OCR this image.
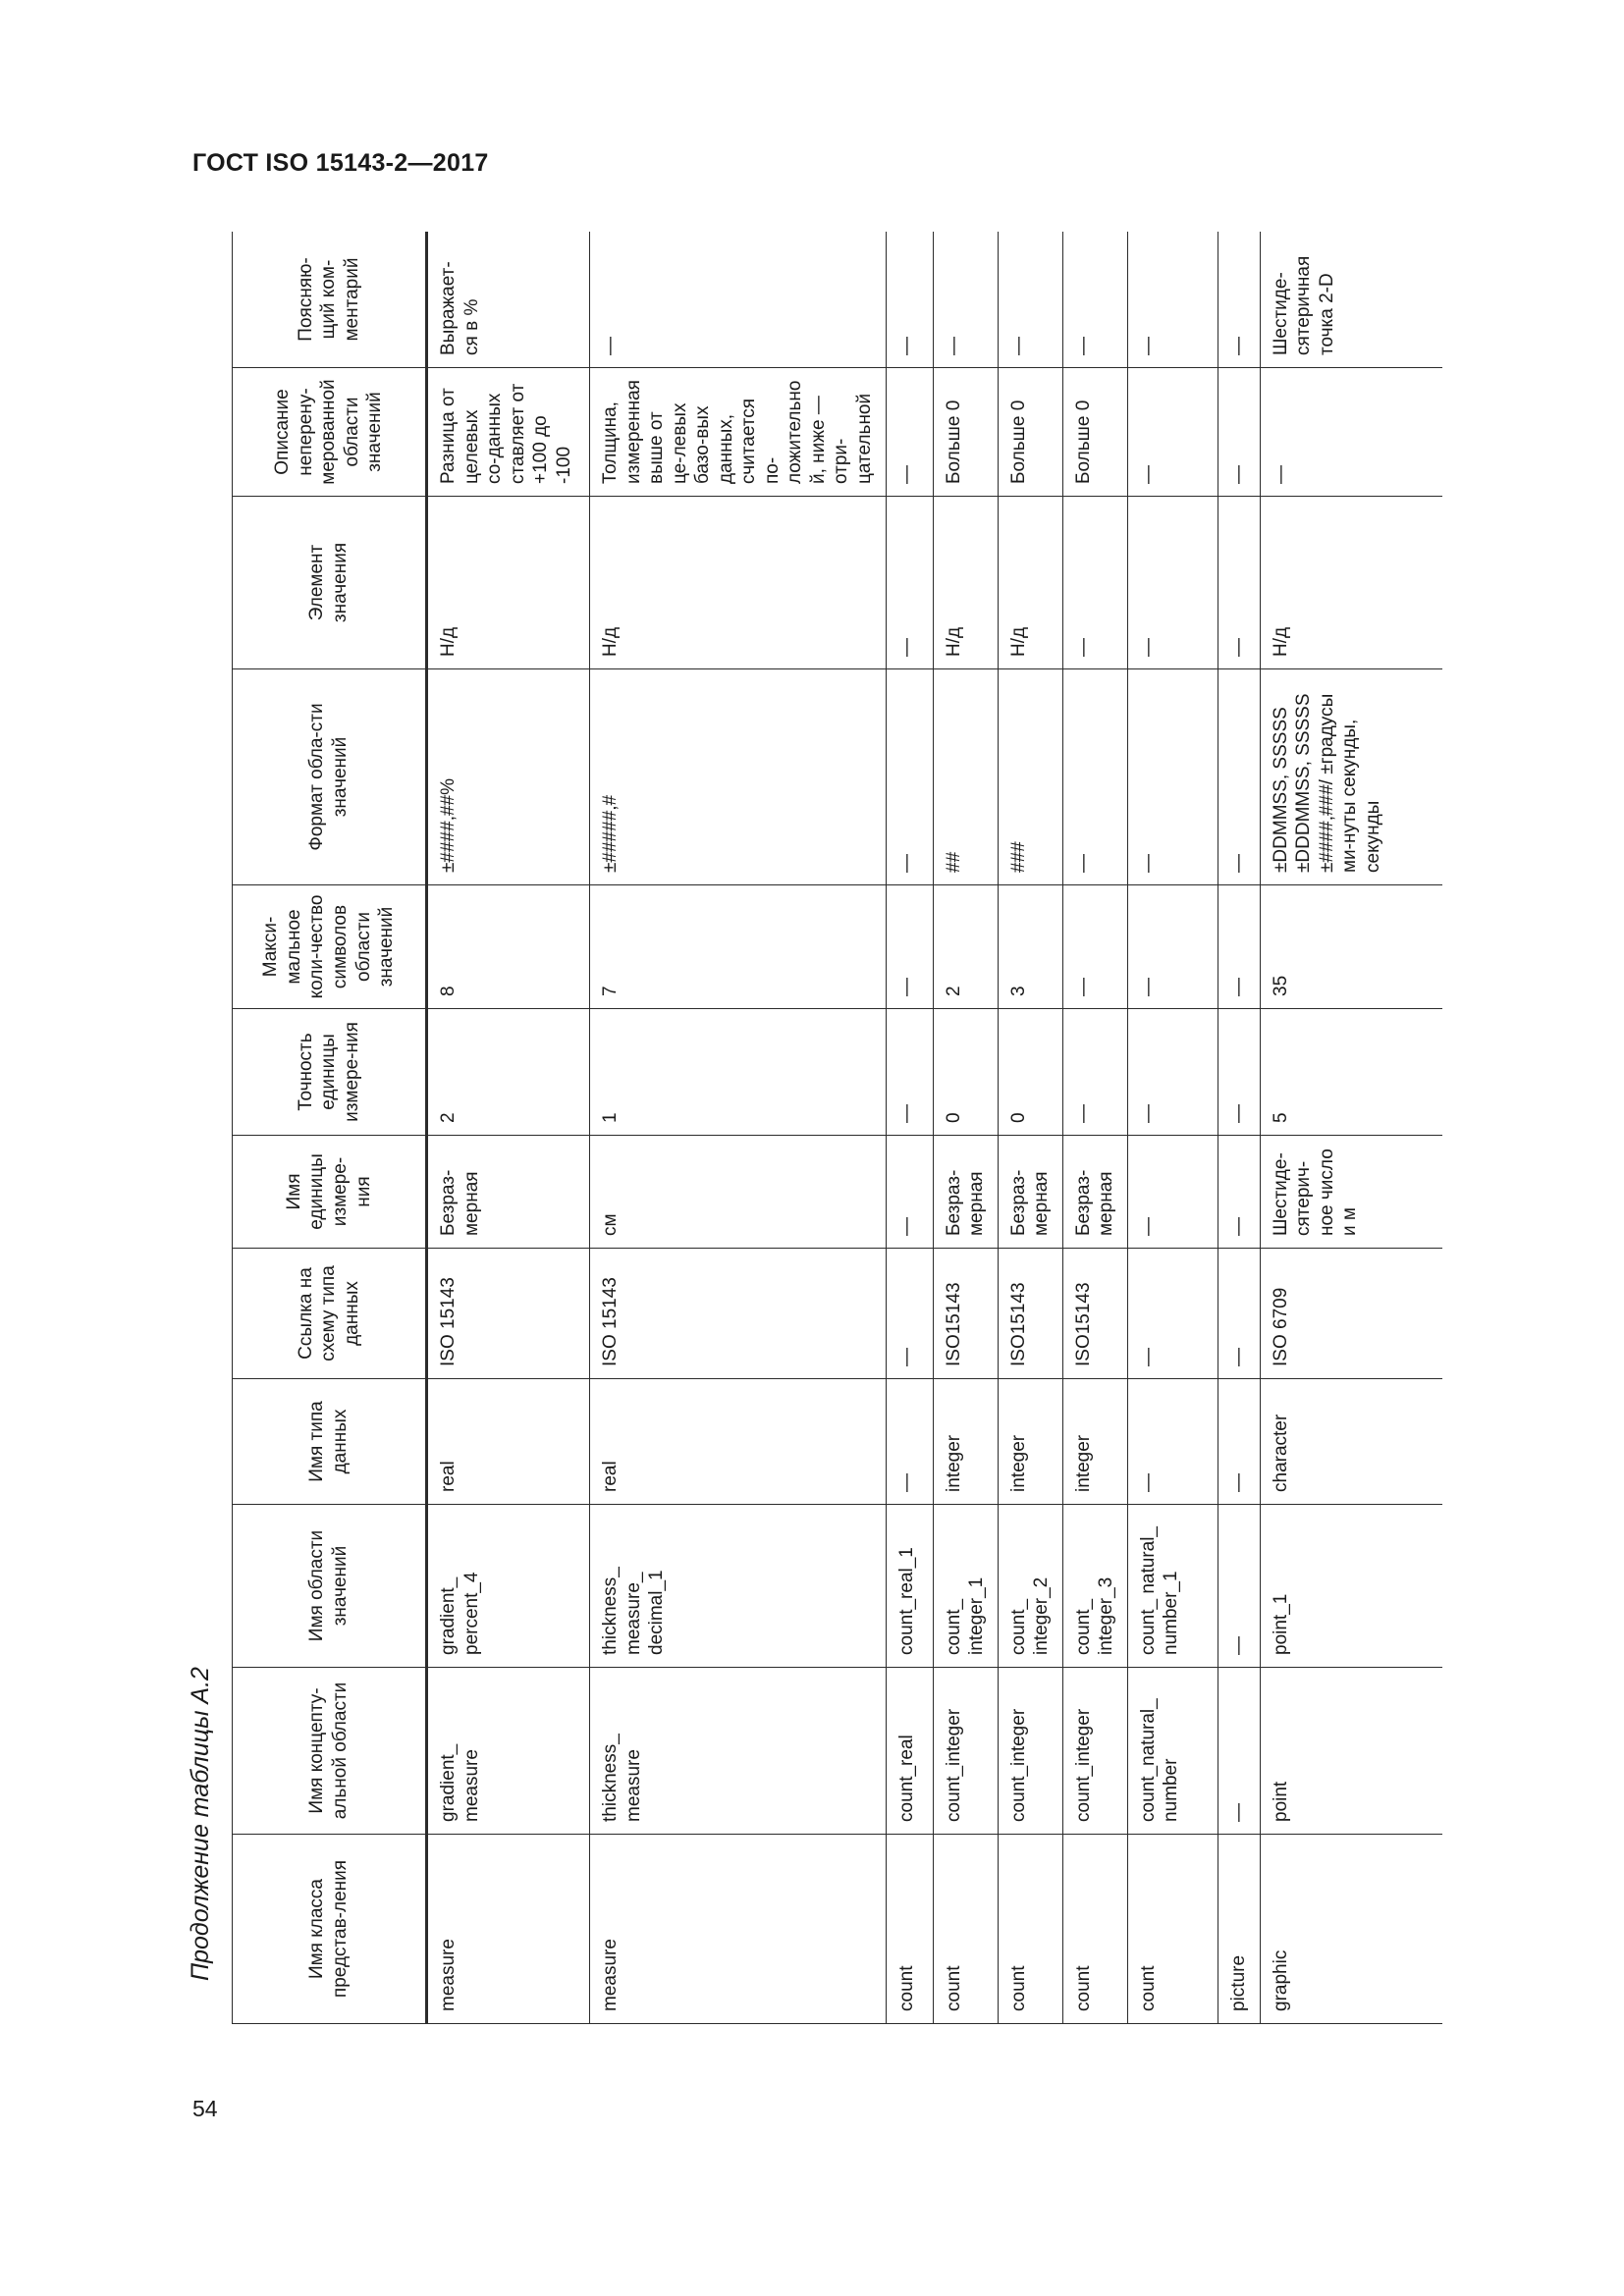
ГОСТ ISO 15143-2—2017
Продолжение таблицы А.2
54
Имя класса представ-ления	Имя концепту-альной области	Имя области значений	Имя типа данных	Ссылка на схему типа данных	Имя единицы измере-ния	Точность единицы измере-ния	Макси-мальное коли-чество символов области значений	Формат обла-сти значений	Элемент значения	Описание неперену-мерованной области значений	Поясняю-щий ком-ментарий
measure	gradient_ measure	gradient_ percent_4	real	ISO 15143	Безраз-мерная	2	8	±####,##%	Н/д	Разница от целевых со-данных ставляет от +100 до -100	Выражает-ся в %
measure	thickness_ measure	thickness_ measure_ decimal_1	real	ISO 15143	см	1	7	±#####,#	Н/д	Толщина, измеренная выше от це-левых базо-вых данных, считается по-ложительной, ниже — отри-цательной	—
count	count_real	count_real_1	—	—	—	—	—	—	—	—	—
count	count_integer	count_ integer_1	integer	ISO15143	Безраз-мерная	0	2	##	Н/д	Больше 0	—
count	count_integer	count_ integer_2	integer	ISO15143	Безраз-мерная	0	3	###	Н/д	Больше 0	—
count	count_integer	count_ integer_3	integer	ISO15143	Безраз-мерная	—	—	—	—	Больше 0	—
count	count_natural_ number	count_ natural_ number_1	—	—	—	—	—	—	—	—	—
picture	—	—	—	—	—	—	—	—	—	—	—
graphic	point	point_1	character	ISO 6709	Шестиде-сятерич-ное число и м	5	35	±DDMMSS, SSSSS ±DDDMMSS, SSSSS ±####,###/ ±градусы ми-нуты секунды, секунды	Н/д	—	Шестиде-сятеричная точка 2-D
